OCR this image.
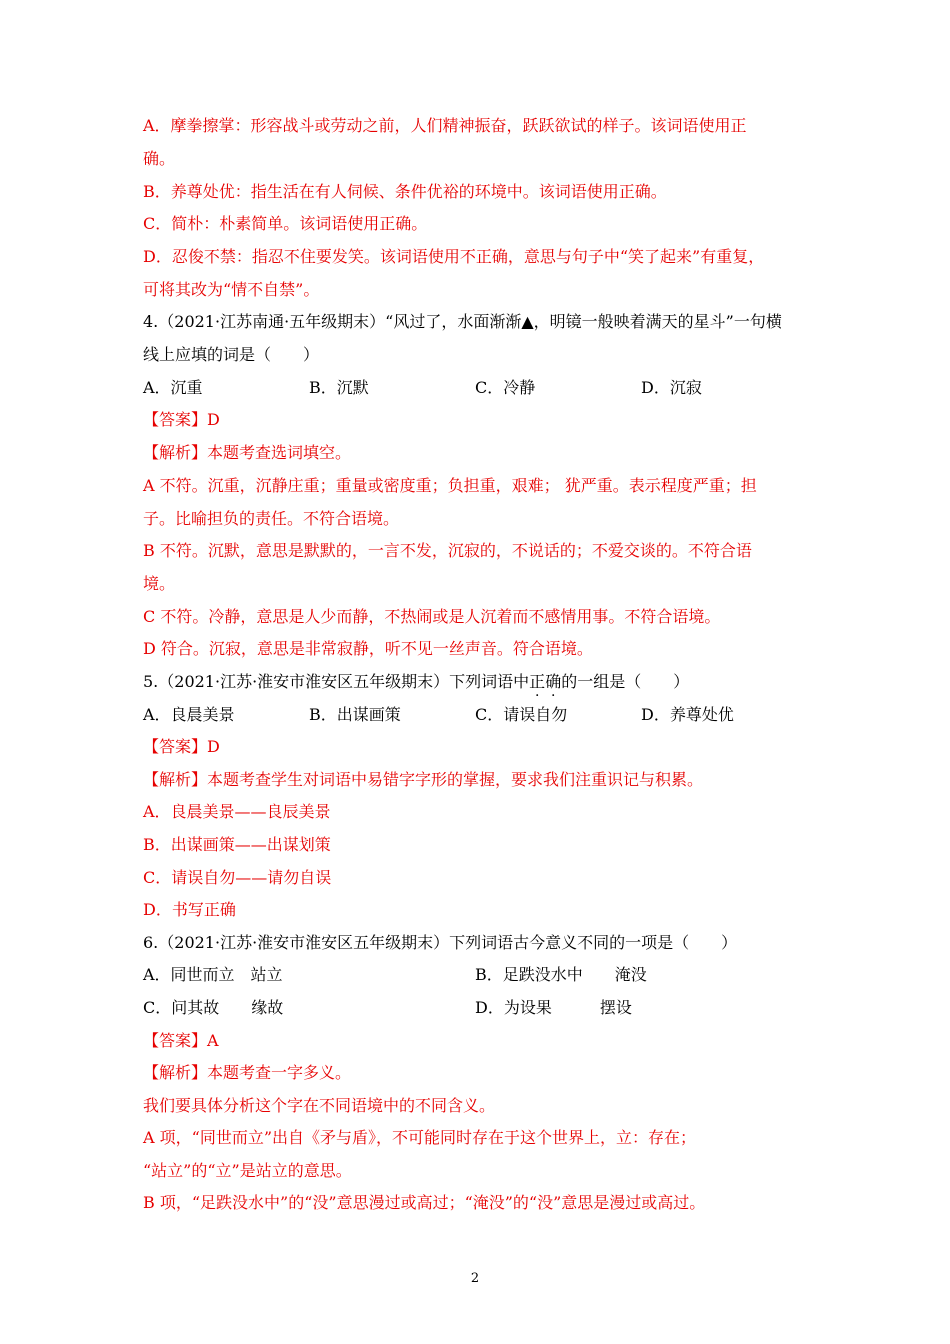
A．摩拳擦掌：形容战斗或劳动之前，人们精神振奋，跃跃欲试的样子。该词语使用正
确。
B．养尊处优：指生活在有人伺候、条件优裕的环境中。该词语使用正确。
C．简朴：朴素简单。该词语使用正确。
D．忍俊不禁：指忍不住要发笑。该词语使用不正确，意思与句子中“笑了起来”有重复，
可将其改为“情不自禁”。
4.（2021·江苏南通·五年级期末）“风过了，水面渐渐▲，明镜一般映着满天的星斗”一句横
线上应填的词是（　　）
A．沉重	B．沉默	C．冷静	D．沉寂
【答案】D
【解析】本题考查选词填空。
A 不符。沉重，沉静庄重；重量或密度重；负担重，艰难； 犹严重。表示程度严重；担
子。比喻担负的责任。不符合语境。
B 不符。沉默，意思是默默的，一言不发，沉寂的，不说话的；不爱交谈的。不符合语
境。
C 不符。冷静，意思是人少而静，不热闹或是人沉着而不感情用事。不符合语境。
D 符合。沉寂，意思是非常寂静，听不见一丝声音。符合语境。
5.（2021·江苏·淮安市淮安区五年级期末）下列词语中正确的一组是（　　）
A．良晨美景	B．出谋画策	C．请误自勿	D．养尊处优
【答案】D
【解析】本题考查学生对词语中易错字字形的掌握，要求我们注重识记与积累。
A．良晨美景——良辰美景
B．出谋画策——出谋划策
C．请误自勿——请勿自误
D．书写正确
6.（2021·江苏·淮安市淮安区五年级期末）下列词语古今意义不同的一项是（　　）
A．同世而立　站立	B．足跌没水中　　淹没
C．问其故　　缘故	D．为设果　　　摆设
【答案】A
【解析】本题考查一字多义。
我们要具体分析这个字在不同语境中的不同含义。
A 项，“同世而立”出自《矛与盾》，不可能同时存在于这个世界上，立：存在；
“站立”的“立”是站立的意思。
B 项，“足跌没水中”的“没”意思漫过或高过；“淹没”的“没”意思是漫过或高过。
2
